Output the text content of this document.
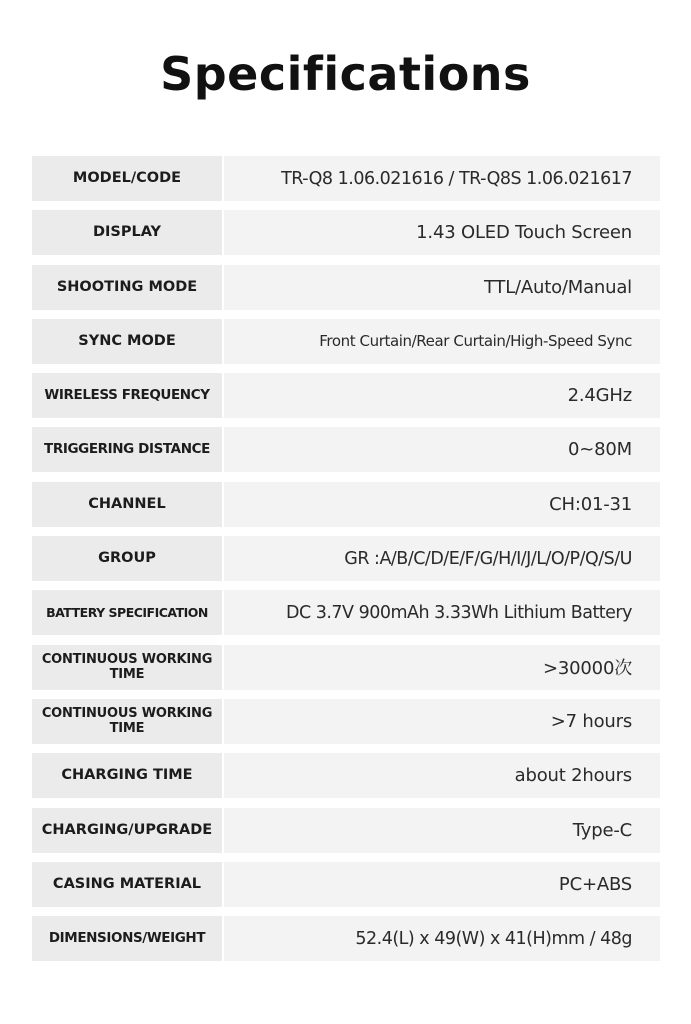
Specifications
MODEL/CODE	TR-Q8 1.06.021616 / TR-Q8S 1.06.021617
DISPLAY	1.43 OLED Touch Screen
SHOOTING MODE	TTL/Auto/Manual
SYNC MODE	Front Curtain/Rear Curtain/High-Speed Sync
WIRELESS FREQUENCY	2.4GHz
TRIGGERING DISTANCE	0~80M
CHANNEL	CH:01-31
GROUP	GR :A/B/C/D/E/F/G/H/I/J/L/O/P/Q/S/U
BATTERY SPECIFICATION	DC 3.7V 900mAh 3.33Wh Lithium Battery
CONTINUOUS WORKING TIME	>30000次
CONTINUOUS WORKING TIME	>7 hours
CHARGING TIME	about 2hours
CHARGING/UPGRADE	Type-C
CASING MATERIAL	PC+ABS
DIMENSIONS/WEIGHT	52.4(L) x 49(W) x 41(H)mm / 48g
